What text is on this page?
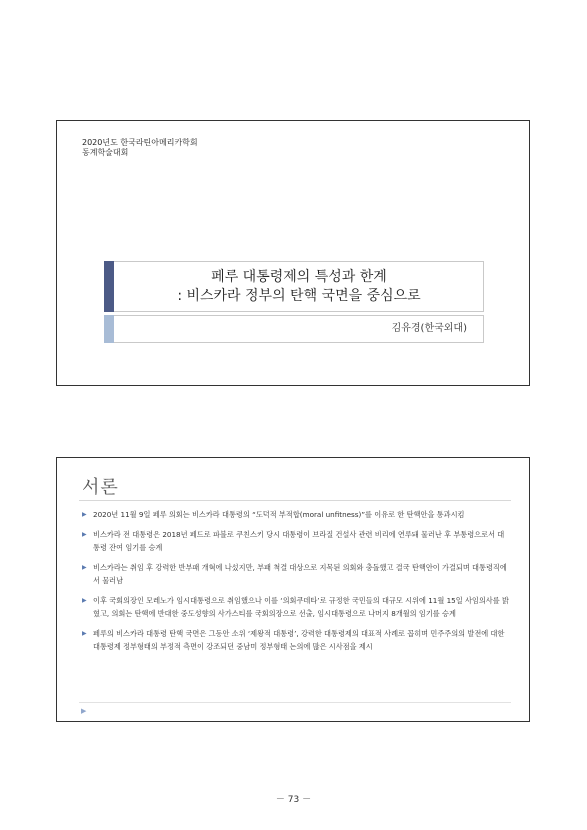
2020년도 한국라틴아메리카학회
동계학술대회
페루 대통령제의 특성과 한계
: 비스카라 정부의 탄핵 국면을 중심으로
김유경(한국외대)
서론
▶ 2020년 11월 9일 페루 의회는 비스카라 대통령의 “도덕적 부적합(moral unfitness)”를 이유로 한 탄핵안을 통과시킴
▶ 비스카라 전 대통령은 2018년 페드로 파블로 쿠친스키 당시 대통령이 브라질 건설사 관련 비리에 연루돼 물러난 후 부통령으로서 대통령 잔여 임기를 승계
▶ 비스카라는 취임 후 강력한 반부패 개혁에 나섰지만, 부패 척결 대상으로 지목된 의회와 충돌했고 결국 탄핵안이 가결되며 대통령직에서 물러남
▶ 이후 국회의장인 모레노가 임시대통령으로 취임했으나 이를 ‘의회쿠데타’로 규정한 국민들의 대규모 시위에 11월 15일 사임의사를 밝혔고, 의회는 탄핵에 반대한 중도성향의 사가스티를 국회의장으로 선출, 임시대통령으로 나머지 8개월의 임기를 승계
▶ 페루의 비스카라 대통령 탄핵 국면은 그동안 소위 ‘제왕적 대통령’, 강력한 대통령제의 대표적 사례로 꼽히며 민주주의의 발전에 대한 대통령제 정부형태의 부정적 측면이 강조되던 중남미 정부형태 논의에 많은 시사점을 제시
▶
－ 73 －
